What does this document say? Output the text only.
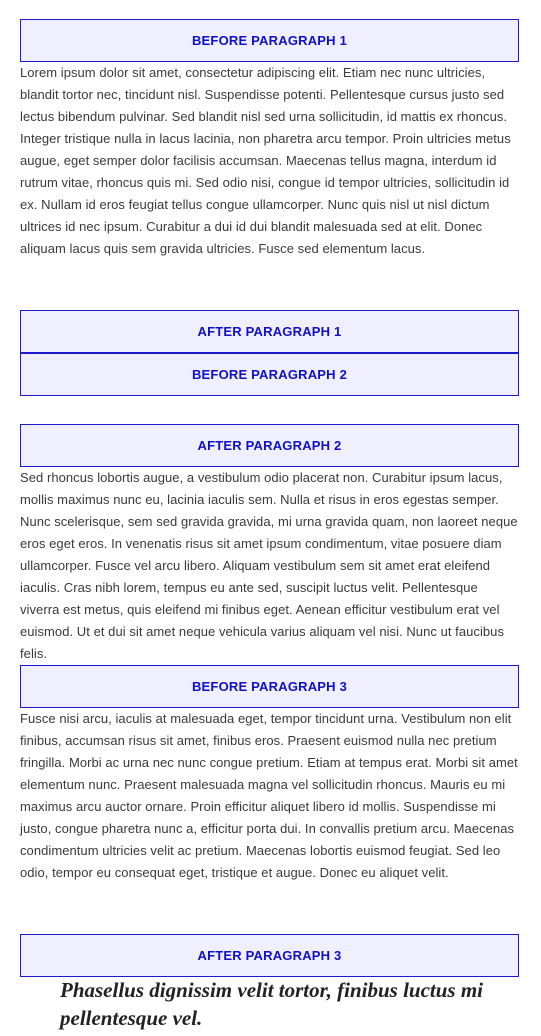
BEFORE PARAGRAPH 1

Lorem ipsum dolor sit amet, consectetur adipiscing elit. Etiam nec nunc ultricies, blandit tortor nec, tincidunt nisl. Suspendisse potenti. Pellentesque cursus justo sed lectus bibendum pulvinar. Sed blandit nisl sed urna sollicitudin, id mattis ex rhoncus. Integer tristique nulla in lacus lacinia, non pharetra arcu tempor. Proin ultricies metus augue, eget semper dolor facilisis accumsan. Maecenas tellus magna, interdum id rutrum vitae, rhoncus quis mi. Sed odio nisi, congue id tempor ultricies, sollicitudin id ex. Nullam id eros feugiat tellus congue ullamcorper. Nunc quis nisl ut nisl dictum ultrices id nec ipsum. Curabitur a dui id dui blandit malesuada sed at elit. Donec aliquam lacus quis sem gravida ultricies. Fusce sed elementum lacus.

AFTER PARAGRAPH 1
BEFORE PARAGRAPH 2
AFTER PARAGRAPH 2

Sed rhoncus lobortis augue, a vestibulum odio placerat non. Curabitur ipsum lacus, mollis maximus nunc eu, lacinia iaculis sem. Nulla et risus in eros egestas semper. Nunc scelerisque, sem sed gravida gravida, mi urna gravida quam, non laoreet neque eros eget eros. In venenatis risus sit amet ipsum condimentum, vitae posuere diam ullamcorper. Fusce vel arcu libero. Aliquam vestibulum sem sit amet erat eleifend iaculis. Cras nibh lorem, tempus eu ante sed, suscipit luctus velit. Pellentesque viverra est metus, quis eleifend mi finibus eget. Aenean efficitur vestibulum erat vel euismod. Ut et dui sit amet neque vehicula varius aliquam vel nisi. Nunc ut faucibus felis.

BEFORE PARAGRAPH 3

Fusce nisi arcu, iaculis at malesuada eget, tempor tincidunt urna. Vestibulum non elit finibus, accumsan risus sit amet, finibus eros. Praesent euismod nulla nec pretium fringilla. Morbi ac urna nec nunc congue pretium. Etiam at tempus erat. Morbi sit amet elementum nunc. Praesent malesuada magna vel sollicitudin rhoncus. Mauris eu mi maximus arcu auctor ornare. Proin efficitur aliquet libero id mollis. Suspendisse mi justo, congue pharetra nunc a, efficitur porta dui. In convallis pretium arcu. Maecenas condimentum ultricies velit ac pretium. Maecenas lobortis euismod feugiat. Sed leo odio, tempor eu consequat eget, tristique et augue. Donec eu aliquet velit.

AFTER PARAGRAPH 3

Phasellus dignissim velit tortor, finibus luctus mi pellentesque vel.
